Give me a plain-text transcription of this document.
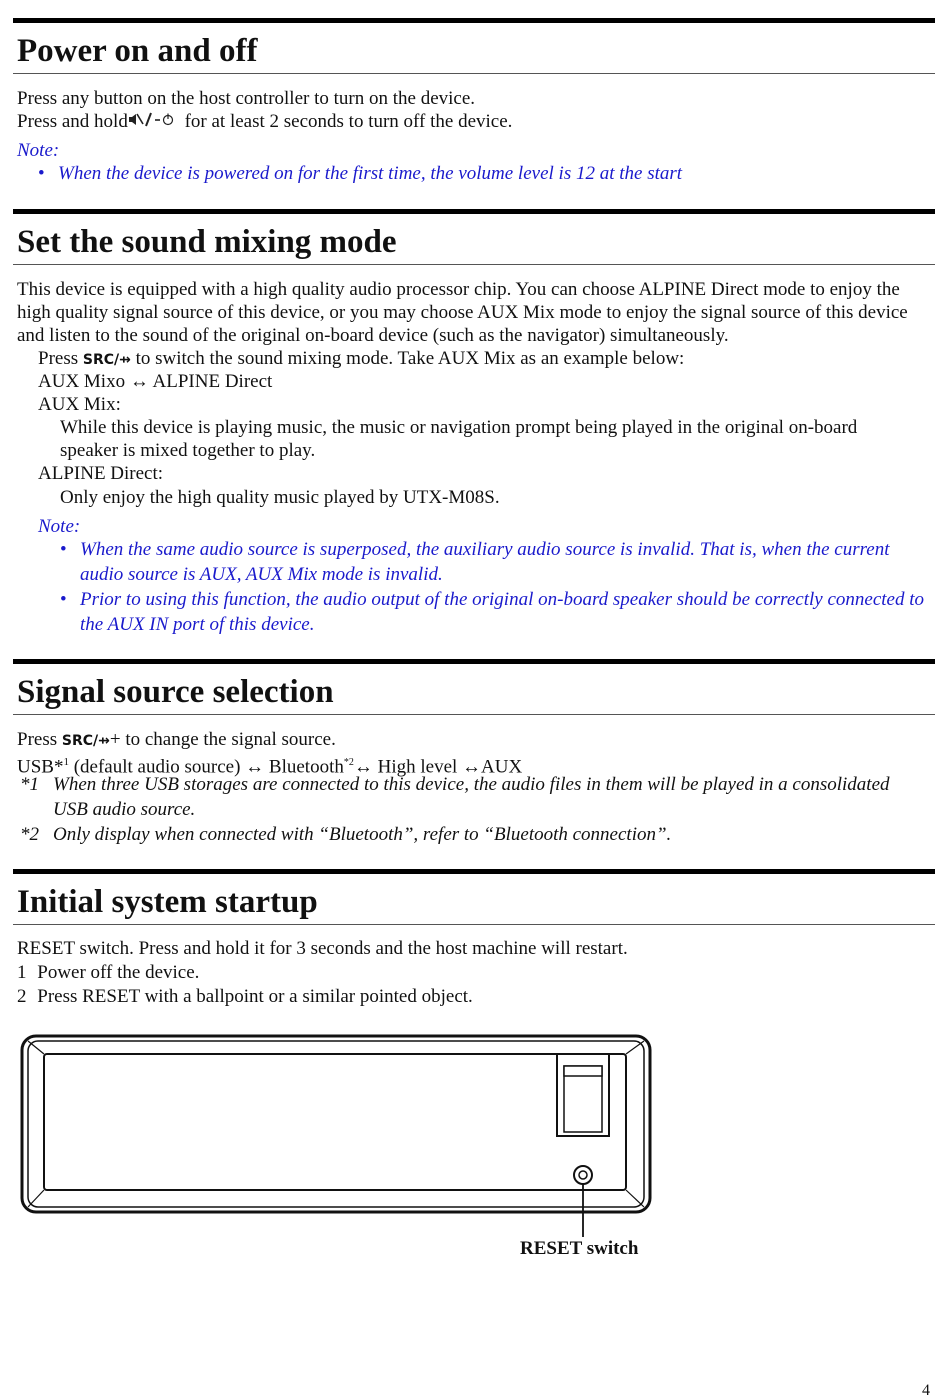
Power on and off
Press any button on the host controller to turn on the device.
Press and hold	for at least 2 seconds to turn off the device.
Note:
• When the device is powered on for the first time, the volume level is 12 at the start
Set the sound mixing mode
This device is equipped with a high quality audio processor chip. You can choose ALPINE Direct mode to enjoy the high quality signal source of this device, or you may choose AUX Mix mode to enjoy the signal source of this device and listen to the sound of the original on-board device (such as the navigator) simultaneously.
Press SRC/⇸ to switch the sound mixing mode. Take AUX Mix as an example below:
AUX Mixo ↔ ALPINE Direct
AUX Mix:
While this device is playing music, the music or navigation prompt being played in the original on-board speaker is mixed together to play.
ALPINE Direct:
Only enjoy the high quality music played by UTX-M08S.
Note:
• When the same audio source is superposed, the auxiliary audio source is invalid. That is, when the current audio source is AUX, AUX Mix mode is invalid.
• Prior to using this function, the audio output of the original on-board speaker should be correctly connected to the AUX IN port of this device.
Signal source selection
Press SRC/⇸+ to change the signal source.
USB*$^1$ (default audio source) ↔ Bluetooth$^{*2}$↔ High level ↔AUX
*1 When three USB storages are connected to this device, the audio files in them will be played in a consolidated USB audio source.
*2 Only display when connected with “Bluetooth”, refer to “Bluetooth connection”.
Initial system startup
RESET switch. Press and hold it for 3 seconds and the host machine will restart.
1 Power off the device.
2 Press RESET with a ballpoint or a similar pointed object.
RESET switch
4
